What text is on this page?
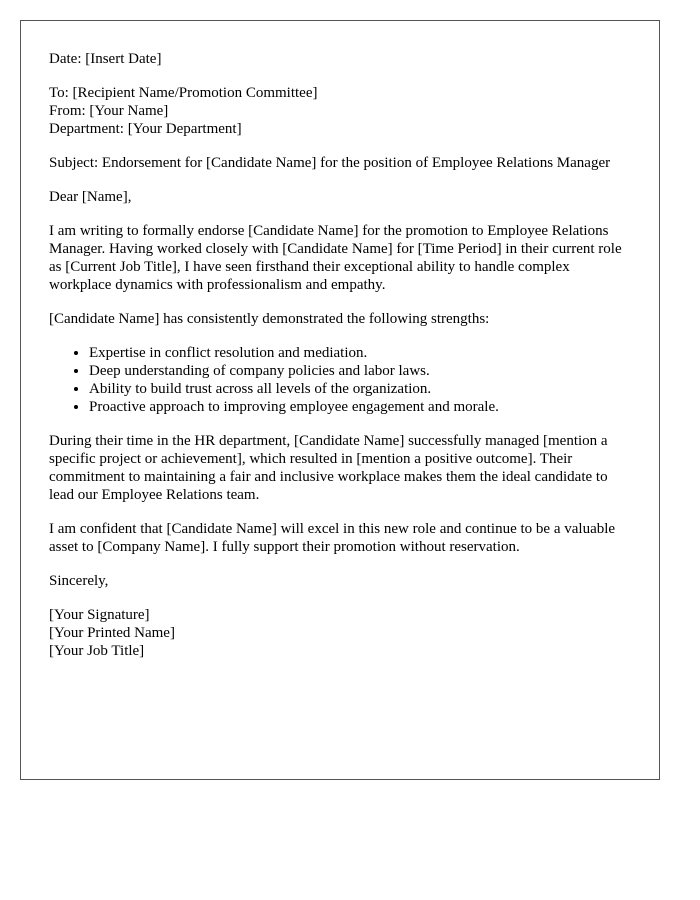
Date: [Insert Date]
To: [Recipient Name/Promotion Committee]
From: [Your Name]
Department: [Your Department]

Subject: Endorsement for [Candidate Name] for the position of Employee Relations Manager

Dear [Name],

I am writing to formally endorse [Candidate Name] for the promotion to Employee Relations Manager. Having worked closely with [Candidate Name] for [Time Period] in their current role as [Current Job Title], I have seen firsthand their exceptional ability to handle complex workplace dynamics with professionalism and empathy.

[Candidate Name] has consistently demonstrated the following strengths:

• Expertise in conflict resolution and mediation.
• Deep understanding of company policies and labor laws.
• Ability to build trust across all levels of the organization.
• Proactive approach to improving employee engagement and morale.

During their time in the HR department, [Candidate Name] successfully managed [mention a specific project or achievement], which resulted in [mention a positive outcome]. Their commitment to maintaining a fair and inclusive workplace makes them the ideal candidate to lead our Employee Relations team.

I am confident that [Candidate Name] will excel in this new role and continue to be a valuable asset to [Company Name]. I fully support their promotion without reservation.

Sincerely,

[Your Signature]
[Your Printed Name]
[Your Job Title]
